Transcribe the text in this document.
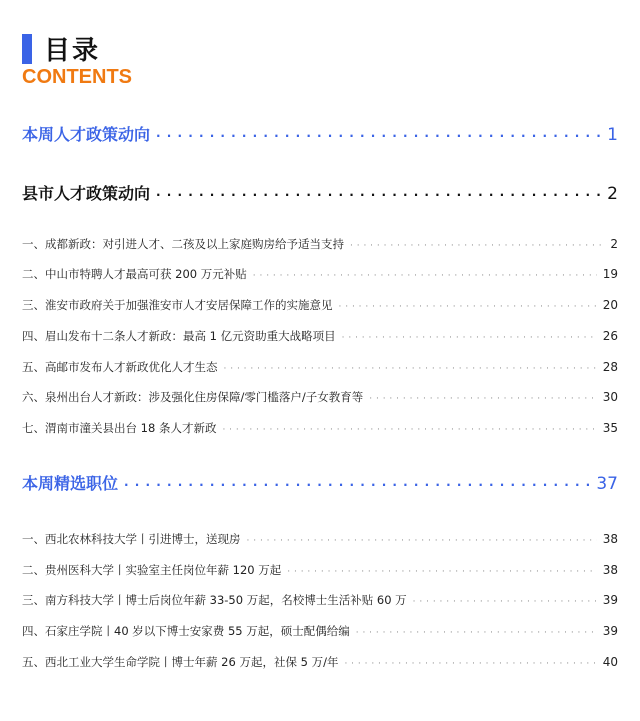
目录
CONTENTS
本周人才政策动向 · · ·	1
县市人才政策动向 · · ·	2
一、成都新政：对引进人才、二孩及以上家庭购房给予适当支持 · · ·	2
二、中山市特聘人才最高可获 200 万元补贴 · · ·	19
三、淮安市政府关于加强淮安市人才安居保障工作的实施意见 · · ·	20
四、眉山发布十二条人才新政：最高 1 亿元资助重大战略项目 · · ·	26
五、高邮市发布人才新政优化人才生态 · · ·	28
六、泉州出台人才新政：涉及强化住房保障/零门槛落户/子女教育等 · · ·	30
七、渭南市潼关县出台 18 条人才新政 · · ·	35
本周精选职位 · · ·	37
一、西北农林科技大学丨引进博士，送现房 · · ·	38
二、贵州医科大学丨实验室主任岗位年薪 120 万起 · · ·	38
三、南方科技大学丨博士后岗位年薪 33-50 万起，名校博士生活补贴 60 万 · · ·	39
四、石家庄学院丨40 岁以下博士安家费 55 万起，硕士配偶给编 · · ·	39
五、西北工业大学生命学院丨博士年薪 26 万起，社保 5 万/年 · · ·	40
